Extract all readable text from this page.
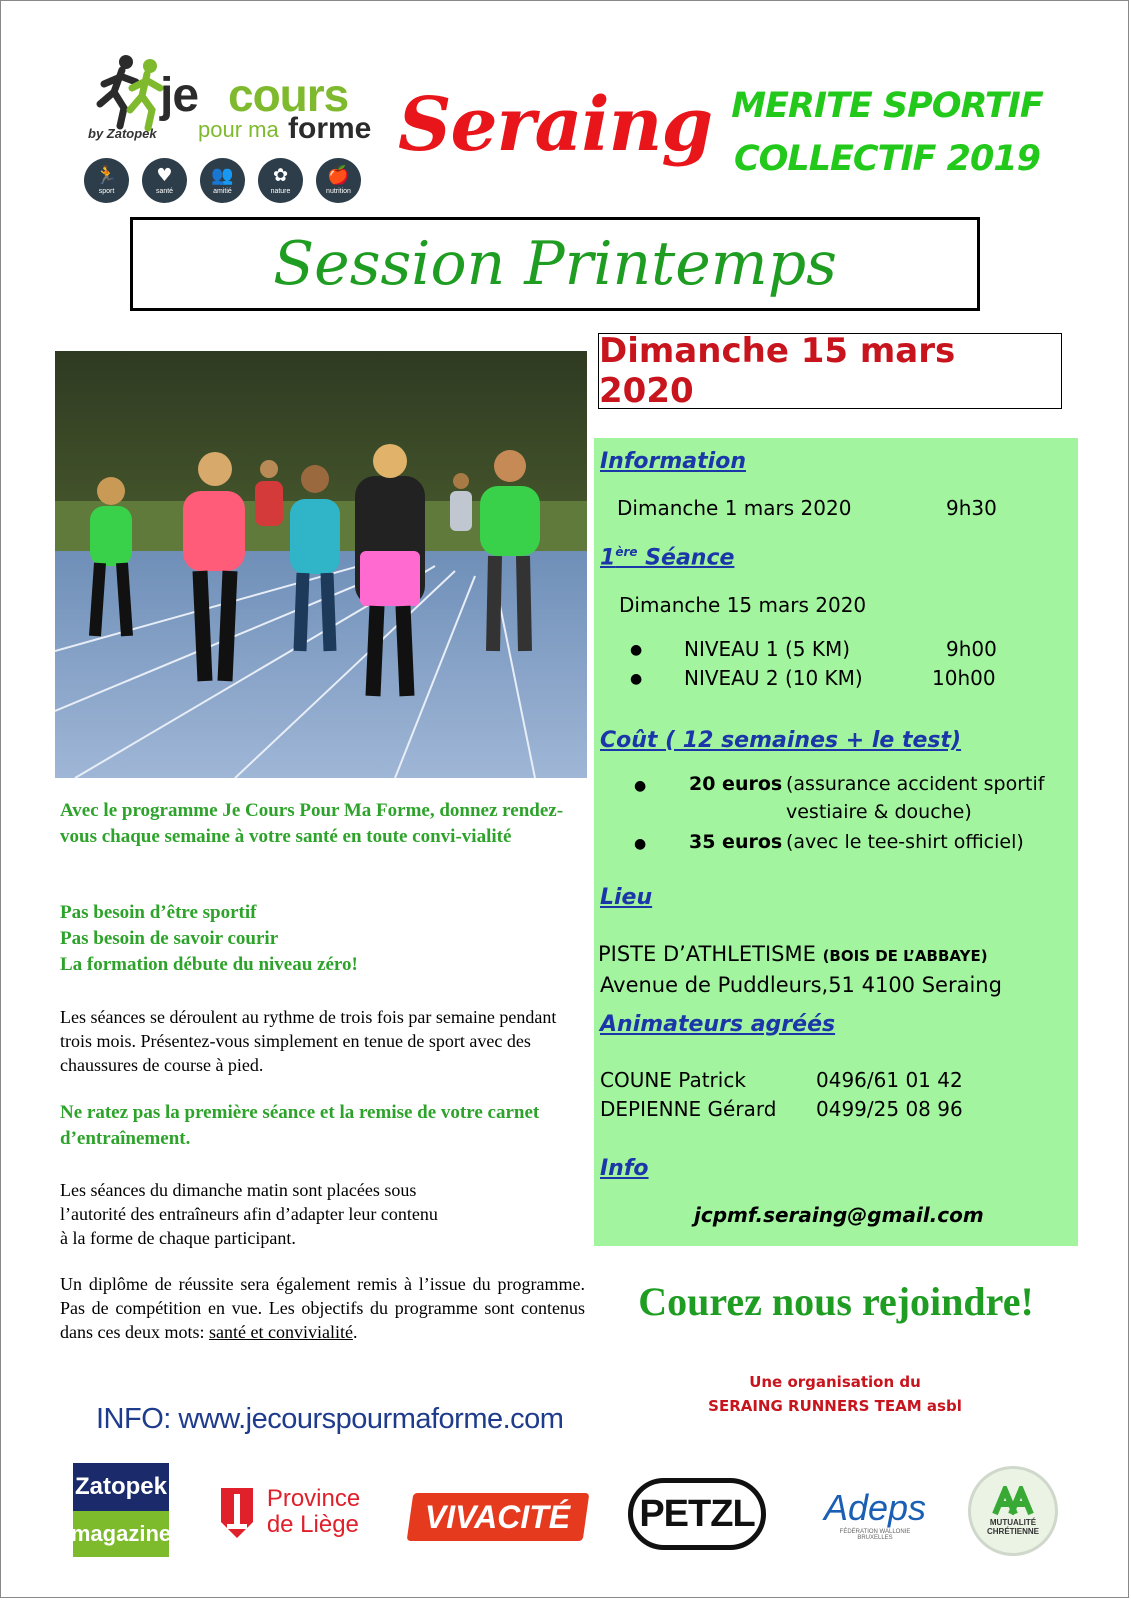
je cours
pour ma forme
by Zatopek
🏃
sport
♥
santé
👥
amitié
✿
nature
🍎
nutrition
Seraing MERITE SPORTIF
COLLECTIF 2019
Session Printemps
Dimanche 15 mars 2020
Avec le programme Je Cours Pour Ma Forme, donnez rendez-vous chaque semaine à votre santé en toute convi-vialité
Pas besoin d’être sportif
Pas besoin de savoir courir
La formation débute du niveau zéro!
Les séances se déroulent au rythme de trois fois par semaine pendant trois mois. Présentez-vous simplement en tenue de sport avec des chaussures de course à pied.
Ne ratez pas la première séance et la remise de votre carnet d’entraînement.
Les séances du dimanche matin sont placées sous
l’autorité des entraîneurs afin d’adapter leur contenu
à la forme de chaque participant.
Un diplôme de réussite sera également remis à l’issue du programme. Pas de compétition en vue. Les objectifs du programme sont contenus dans ces deux mots: santé et convivialité.
INFO: www.jecourspourmaforme.com
Information
Dimanche 1 mars 2020	9h30
1ère Séance
Dimanche 15 mars 2020
● NIVEAU 1 (5 KM)	9h00
● NIVEAU 2 (10 KM)	10h00
Coût ( 12 semaines + le test)
● 20 euros (assurance accident sportif
vestiaire & douche)
● 35 euros (avec le tee-shirt officiel)
Lieu
PISTE D’ATHLETISME (BOIS DE L’ABBAYE)
Avenue de Puddleurs,51 4100 Seraing
Animateurs agréés
COUNE Patrick	0496/61 01 42
DEPIENNE Gérard 0499/25 08 96
Info
jcpmf.seraing@gmail.com
Courez nous rejoindre!
Une organisation du
SERAING RUNNERS TEAM asbl
Zatopek
magazine
Province
de Liège VIVACITÉ PETZL Adeps
FÉDÉRATION WALLONIE BRUXELLES
MUTUALITÉ CHRÉTIENNE
